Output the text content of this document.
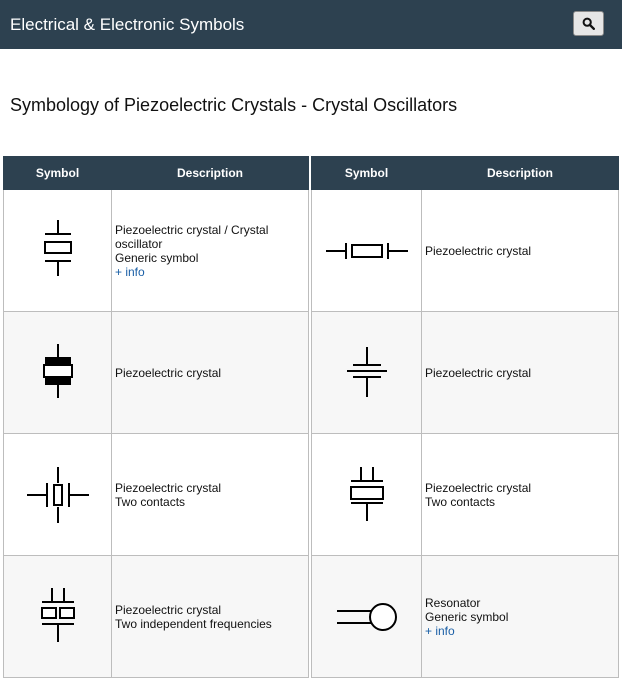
Electrical & Electronic Symbols
Symbology of Piezoelectric Crystals - Crystal Oscillators
Symbol	Description

	Piezoelectric crystal / Crystal
oscillator
Generic symbol
+ info

	Piezoelectric crystal

	Piezoelectric crystal
Two contacts

	Piezoelectric crystal
Two independent frequencies
Symbol	Description

	Piezoelectric crystal

	Piezoelectric crystal

	Piezoelectric crystal
Two contacts

	Resonator
Generic symbol
+ info
